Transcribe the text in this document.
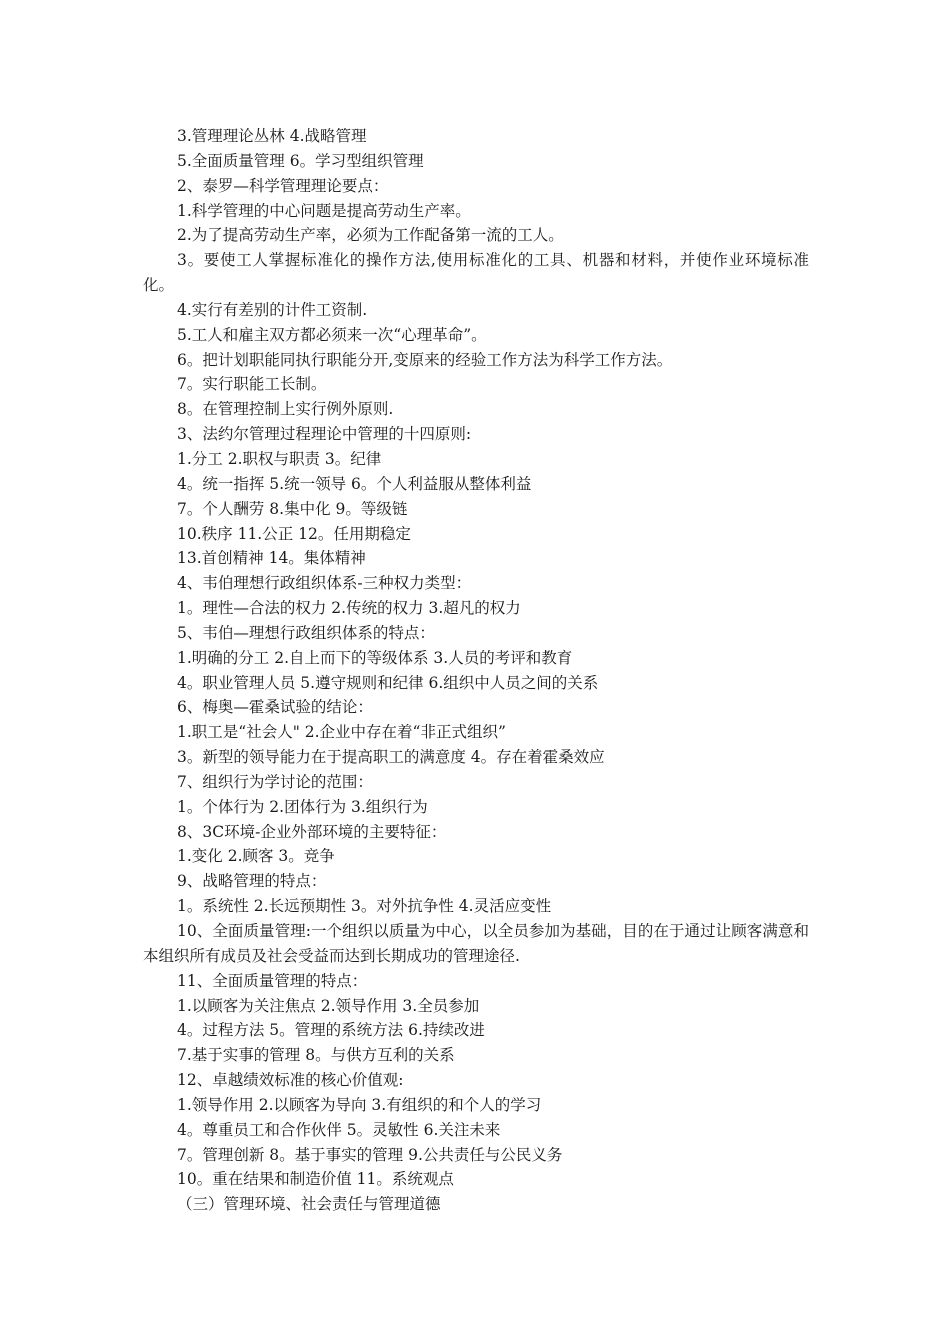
3.管理理论丛林 4.战略管理
5.全面质量管理 6。学习型组织管理
2、泰罗—科学管理理论要点：
1.科学管理的中心问题是提高劳动生产率。
2.为了提高劳动生产率，必须为工作配备第一流的工人。
3。要使工人掌握标准化的操作方法,使用标准化的工具、机器和材料，并使作业环境标准化。
4.实行有差别的计件工资制.
5.工人和雇主双方都必须来一次“心理革命”。
6。把计划职能同执行职能分开,变原来的经验工作方法为科学工作方法。
7。实行职能工长制。
8。在管理控制上实行例外原则.
3、法约尔管理过程理论中管理的十四原则:
1.分工 2.职权与职责 3。纪律
4。统一指挥 5.统一领导 6。个人利益服从整体利益
7。个人酬劳 8.集中化 9。等级链
10.秩序 11.公正 12。任用期稳定
13.首创精神 14。集体精神
4、韦伯理想行政组织体系-三种权力类型：
1。理性—合法的权力 2.传统的权力 3.超凡的权力
5、韦伯—理想行政组织体系的特点：
1.明确的分工 2.自上而下的等级体系 3.人员的考评和教育
4。职业管理人员 5.遵守规则和纪律 6.组织中人员之间的关系
6、梅奥—霍桑试验的结论：
1.职工是“社会人" 2.企业中存在着“非正式组织”
3。新型的领导能力在于提高职工的满意度 4。存在着霍桑效应
7、组织行为学讨论的范围：
1。个体行为 2.团体行为 3.组织行为
8、3C环境-企业外部环境的主要特征：
1.变化 2.顾客 3。竞争
9、战略管理的特点：
1。系统性 2.长远预期性 3。对外抗争性 4.灵活应变性
10、全面质量管理:一个组织以质量为中心，以全员参加为基础，目的在于通过让顾客满意和本组织所有成员及社会受益而达到长期成功的管理途径.
11、全面质量管理的特点：
1.以顾客为关注焦点 2.领导作用 3.全员参加
4。过程方法 5。管理的系统方法 6.持续改进
7.基于实事的管理 8。与供方互利的关系
12、卓越绩效标准的核心价值观:
1.领导作用 2.以顾客为导向 3.有组织的和个人的学习
4。尊重员工和合作伙伴 5。灵敏性 6.关注未来
7。管理创新 8。基于事实的管理 9.公共责任与公民义务
10。重在结果和制造价值 11。系统观点
（三）管理环境、社会责任与管理道德
